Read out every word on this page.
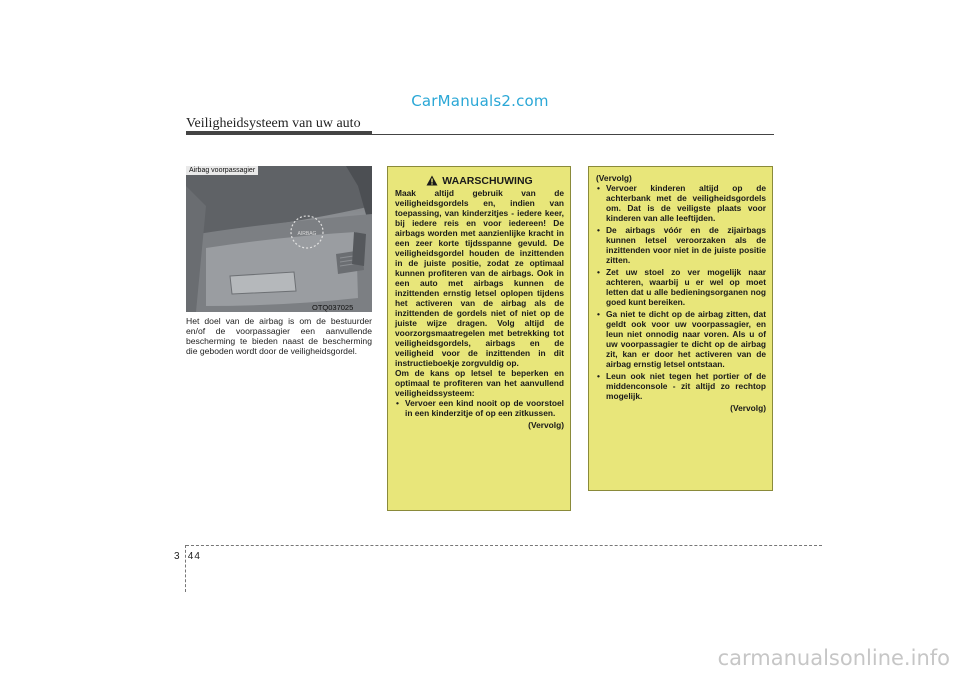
CarManuals2.com
Veiligheidsysteem van uw auto
AIRBAG
Airbag voorpassagier
OTQ037025
Het doel van de airbag is om de bestuurder en/of de voorpassagier een aanvullende bescherming te bieden naast de bescherming die geboden wordt door de veiligheidsgordel.
WAARSCHUWING

Maak altijd gebruik van de veiligheidsgordels en, indien van toepassing, van kinderzitjes - iedere keer, bij iedere reis en voor iedereen! De airbags worden met aanzienlijke kracht in een zeer korte tijdsspanne gevuld. De veiligheidsgordel houden de inzittenden in de juiste positie, zodat ze optimaal kunnen profiteren van de airbags. Ook in een auto met airbags kunnen de inzittenden ernstig letsel oplopen tijdens het activeren van de airbag als de inzittenden de gordels niet of niet op de juiste wijze dragen. Volg altijd de voorzorgsmaatregelen met betrekking tot veiligheidsgordels, airbags en de veiligheid voor de inzittenden in dit instructieboekje zorgvuldig op.

Om de kans op letsel te beperken en optimaal te profiteren van het aanvullend veiligheidssysteem:

• Vervoer een kind nooit op de voorstoel in een kinderzitje of op een zitkussen.

(Vervolg)

(Vervolg)

• Vervoer kinderen altijd op de achterbank met de veiligheidsgordels om. Dat is de veiligste plaats voor kinderen van alle leeftijden.
• De airbags vóór en de zijairbags kunnen letsel veroorzaken als de inzittenden voor niet in de juiste positie zitten.
• Zet uw stoel zo ver mogelijk naar achteren, waarbij u er wel op moet letten dat u alle bedieningsorganen nog goed kunt bereiken.
• Ga niet te dicht op de airbag zitten, dat geldt ook voor uw voorpassagier, en leun niet onnodig naar voren. Als u of uw voorpassagier te dicht op de airbag zit, kan er door het activeren van de airbag ernstig letsel ontstaan.
• Leun ook niet tegen het portier of de middenconsole - zit altijd zo rechtop mogelijk.

(Vervolg)

3 44
carmanualsonline.info
